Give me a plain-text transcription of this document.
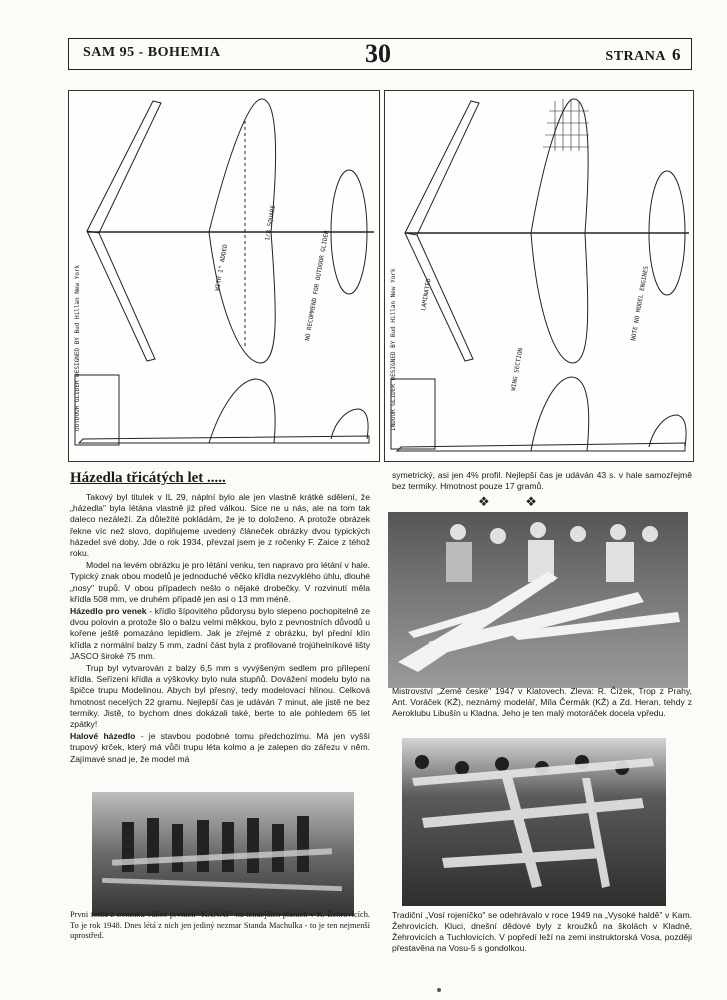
SAM 95 - BOHEMIA	30	STRANA 6
OUTDOOR GLIDER DESIGNED BY Bud Hillan New York	WITH 1" ADDED	NO RECOMMEND FOR OUTDOOR GLIDER
1/8 SQUARE
INDOOR GLIDER DESIGNED BY Bud Hillan New York	LAMINATED	NOTE NO MODEL ENGINES
WING SECTION
Házedla třicátých let .....

Takový byl titulek v IL 29, náplní bylo ale jen vlastně krátké sdělení, že „házedla" byla létána vlastně již před válkou. Sice ne u nás, ale na tom tak daleco nezáleží. Za důležité pokládám, že je to doloženo. A protože obrázek řekne víc než slovo, doplňujeme uvedený článeček obrázky dvou typických házedel své doby. Jde o rok 1934, převzal jsem je z ročenky F. Zaice z téhož roku.

Model na levém obrázku je pro létání venku, ten napravo pro létání v hale. Typický znak obou modelů je jednoduché věčko křídla nezvyklého úhlu, dlouhé „nosy" trupů. V obou případech nešlo o nějaké drobečky. V rozvinutí měla křídla 508 mm, ve druhém případě jen asi o 13 mm méně.

Házedlo pro venek - křídlo šípovitého půdorysu bylo slepeno pochopitelně ze dvou polovin a protože šlo o balzu velmi měkkou, bylo z pevnostních důvodů u kořene ještě pomazáno lepidlem. Jak je zřejmé z obrázku, byl přední klín křídla z normální balzy 5 mm, zadní část byla z profilované trojúhelníkové lišty JASCO široké 75 mm.

Trup byl vytvarován z balzy 6,5 mm s vyvýšeným sedlem pro přilepení křídla. Seřízení křídla a výškovky bylo nula stupňů. Dovážení modelu bylo na špičce trupu Modelinou. Abych byl přesný, tedy modelovací hlínou. Celková hmotnost necelých 22 gramu. Nejlepší čas je udáván 7 minut, ale jistě ne bez termiky. Jistě, to bychom dnes dokázali také, berte to ale pohledem 65 let zpátky!

Halové házedlo - je stavbou podobné tomu předchozímu. Má jen vyšší trupový krček, který má vůči trupu léta kolmo a je zalepen do zářezu v něm. Zajímavé snad je, že model má

symetrický, asi jen 4% profil. Nejlepší čas je udáván 43 s. v hale samozřejmě bez termiky. Hmotnost pouze 17 gramů.
❖ ❖
Prvni fotka z tréninku vůbec prvních "KAŇAT" na tehdejších pláních v K. Žehrovicích. To je rok 1948. Dnes létá z nich jen jediný nezmar Standa Machulka - to je ten nejmenší uprostřed.
Mistrovství „Země české" 1947 v Klatovech. Zleva: R. Čížek, Trop z Prahy, Ant. Voráček (KŽ), neznámý modelář, Míla Čermák (KŽ) a Zd. Heran, tehdy z Aeroklubu Libušín u Kladna. Jeho je ten malý motoráček docela vpředu.
Tradiční „Vosí rojeníčko" se odehrávalo v roce 1949 na „Vysoké haldě" v Kam. Žehrovicích. Kluci, dnešní dědové byly z kroužků na školách v Kladně, Žehrovicích a Tuchlovicích. V popředí leží na zemi instruktorská Vosa, později přestavěna na Vosu-5 s gondolkou.
